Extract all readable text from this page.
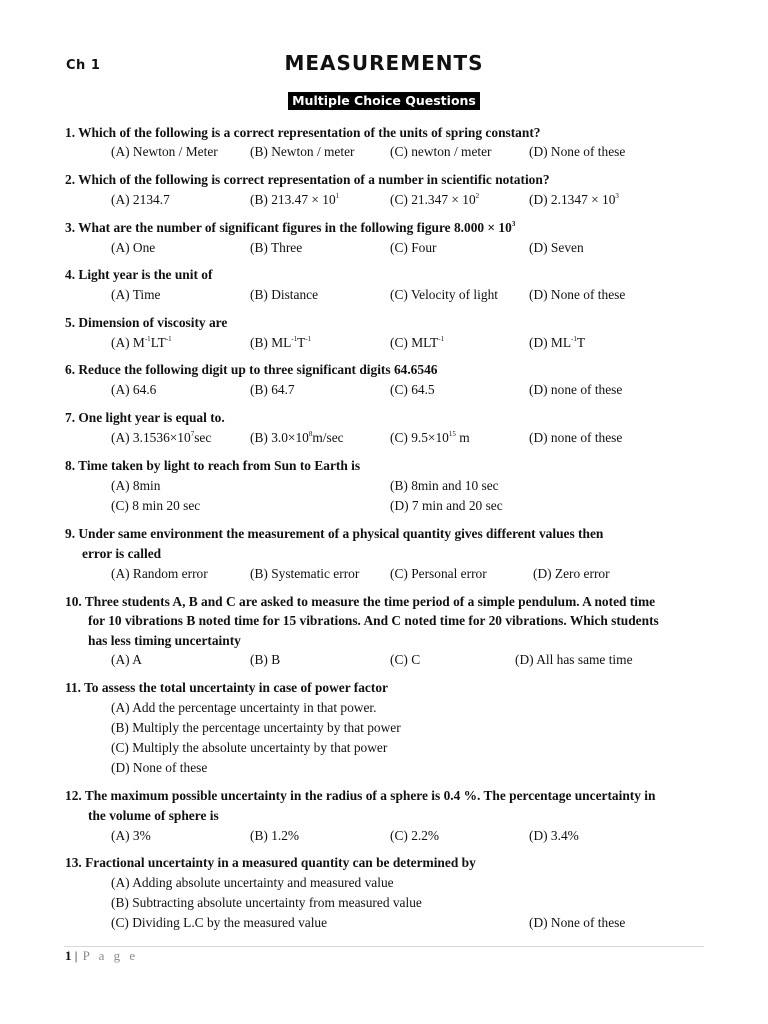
Ch 1	MEASUREMENTS
Multiple Choice Questions
1. Which of the following is a correct representation of the units of spring constant?
(A) Newton / Meter (B) Newton / meter	(C) newton / meter	(D) None of these
2. Which of the following is correct representation of a number in scientific notation?
(A) 2134.7	(B) $213.47 \times 10^1$	(C) $21.347 \times 10^2$	(D) $2.1347 \times 10^3$
3. What are the number of significant figures in the following figure $8.000 \times 10^3$
(A) One	(B) Three	(C) Four	(D) Seven
4. Light year is the unit of
(A) Time	(B) Distance	(C) Velocity of light (D) None of these
5. Dimension of viscosity are
(A) $M^{-1}LT^{-1}$	(B) $ML^{-1}T^{-1}$	(C) $MLT^{-1}$	(D) $ML^{-1}T$
6. Reduce the following digit up to three significant digits 64.6546
(A) 64.6	(B) 64.7	(C) 64.5	(D) none of these
7. One light year is equal to.
(A) $3.1536\times 10^7\sec$	(B) $3.0\times 10^8m/\sec$	(C) $9.5\times 10^{15}$ m	(D) none of these
8. Time taken by light to reach from Sun to Earth is
(A) 8min	(B) 8min and 10 sec
(C) 8 min 20 sec	(D) 7 min and 20 sec
9. Under same environment the measurement of a physical quantity gives different values then
error is called
(A) Random error	(B) Systematic error (C) Personal error	(D) Zero error
10. Three students A, B and C are asked to measure the time period of a simple pendulum. A noted time
for 10 vibrations B noted time for 15 vibrations. And C noted time for 20 vibrations. Which students
has less timing uncertainty
(A) A	(B) B	(C) C	(D) All has same time
11. To assess the total uncertainty in case of power factor
(A) Add the percentage uncertainty in that power.
(B) Multiply the percentage uncertainty by that power
(C) Multiply the absolute uncertainty by that power
(D) None of these
12. The maximum possible uncertainty in the radius of a sphere is 0.4 %. The percentage uncertainty in
the volume of sphere is
(A) 3%	(B) 1.2%	(C) 2.2%	(D) 3.4%
13. Fractional uncertainty in a measured quantity can be determined by
(A) Adding absolute uncertainty and measured value
(B) Subtracting absolute uncertainty from measured value
(C) Dividing L.C by the measured value	(D) None of these
1 | P a g e
